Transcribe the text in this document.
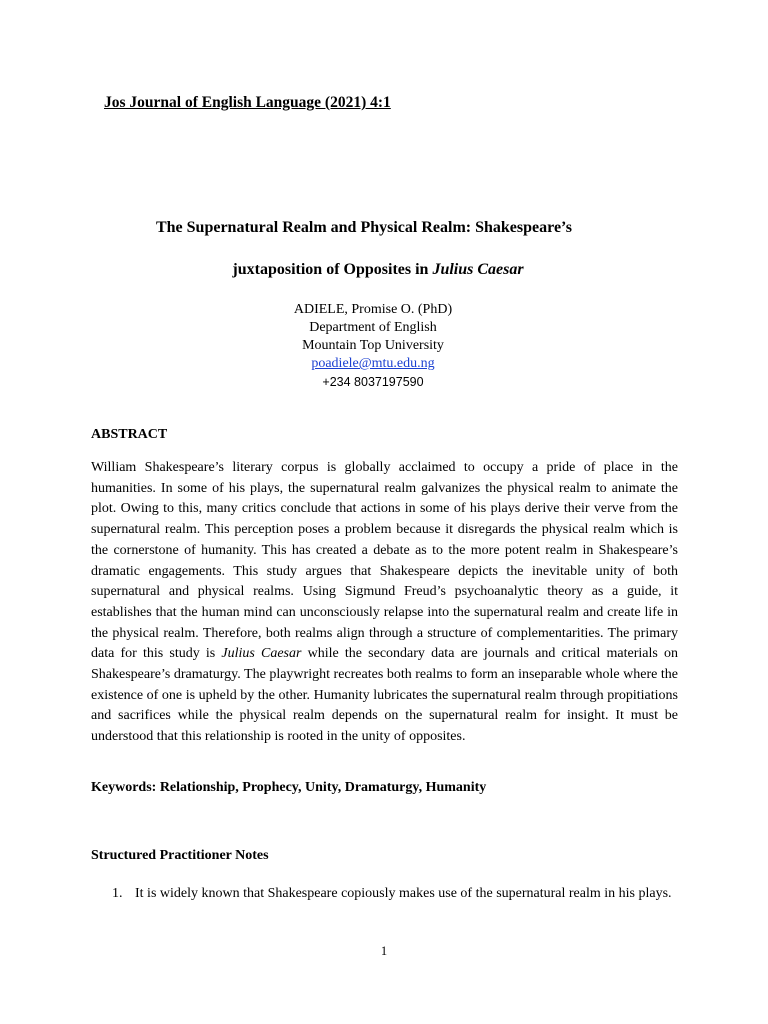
Jos Journal of English Language (2021) 4:1
The Supernatural Realm and Physical Realm: Shakespeare’s
juxtaposition of Opposites in Julius Caesar
ADIELE, Promise O. (PhD)
Department of English
Mountain Top University
poadiele@mtu.edu.ng
+234 8037197590
ABSTRACT
William Shakespeare’s literary corpus is globally acclaimed to occupy a pride of place in the humanities. In some of his plays, the supernatural realm galvanizes the physical realm to animate the plot. Owing to this, many critics conclude that actions in some of his plays derive their verve from the supernatural realm. This perception poses a problem because it disregards the physical realm which is the cornerstone of humanity. This has created a debate as to the more potent realm in Shakespeare’s dramatic engagements. This study argues that Shakespeare depicts the inevitable unity of both supernatural and physical realms. Using Sigmund Freud’s psychoanalytic theory as a guide, it establishes that the human mind can unconsciously relapse into the supernatural realm and create life in the physical realm. Therefore, both realms align through a structure of complementarities. The primary data for this study is Julius Caesar while the secondary data are journals and critical materials on Shakespeare’s dramaturgy. The playwright recreates both realms to form an inseparable whole where the existence of one is upheld by the other. Humanity lubricates the supernatural realm through propitiations and sacrifices while the physical realm depends on the supernatural realm for insight. It must be understood that this relationship is rooted in the unity of opposites.
Keywords: Relationship, Prophecy, Unity, Dramaturgy, Humanity
Structured Practitioner Notes
1. It is widely known that Shakespeare copiously makes use of the supernatural realm in his plays.
1
